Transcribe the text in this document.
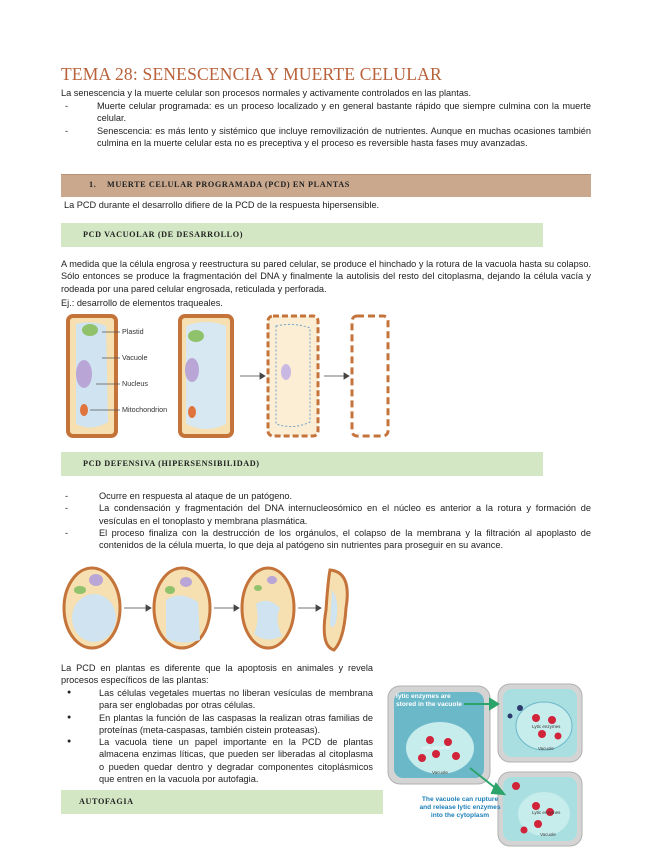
TEMA 28: SENESCENCIA Y MUERTE CELULAR
La senescencia y la muerte celular son procesos normales y activamente controlados en las plantas.
- Muerte celular programada: es un proceso localizado y en general bastante rápido que siempre culmina con la muerte celular.
- Senescencia: es más lento y sistémico que incluye removilización de nutrientes. Aunque en muchas ocasiones también culmina en la muerte celular esta no es preceptiva y el proceso es reversible hasta fases muy avanzadas.
1. MUERTE CELULAR PROGRAMADA (PCD) EN PLANTAS
La PCD durante el desarrollo difiere de la PCD de la respuesta hipersensible.
PCD VACUOLAR (DE DESARROLLO)
A medida que la célula engrosa y reestructura su pared celular, se produce el hinchado y la rotura de la vacuola hasta su colapso. Sólo entonces se produce la fragmentación del DNA y finalmente la autolisis del resto del citoplasma, dejando la célula vacía y rodeada por una pared celular engrosada, reticulada y perforada.
Ej.: desarrollo de elementos traqueales.
Plastid
Vacuole
Nucleus
Mitochondrion
PCD DEFENSIVA (HIPERSENSIBILIDAD)
- Ocurre en respuesta al ataque de un patógeno.
- La condensación y fragmentación del DNA internucleosómico en el núcleo es anterior a la rotura y formación de vesículas en el tonoplasto y membrana plasmática.
- El proceso finaliza con la destrucción de los orgánulos, el colapso de la membrana y la filtración al apoplasto de contenidos de la célula muerta, lo que deja al patógeno sin nutrientes para proseguir en su avance.
La PCD en plantas es diferente que la apoptosis en animales y revela procesos específicos de las plantas:
● Las células vegetales muertas no liberan vesículas de membrana para ser englobadas por otras células.
● En plantas la función de las caspasas la realizan otras familias de proteínas (meta-caspasas, también cistein proteasas).
● La vacuola tiene un papel importante en la PCD de plantas almacena enzimas líticas, que pueden ser liberadas al citoplasma o pueden quedar dentro y degradar componentes citoplásmicos que entren en la vacuola por autofagia.
lytic enzymes are stored in the vacuole
The vacuole can rupture and release lytic enzymes into the cytoplasm
Lytic enzymes
Vacuole
Lytic enzymes
Vacuole
Lytic enzymes
Vacuole
AUTOFAGIA
